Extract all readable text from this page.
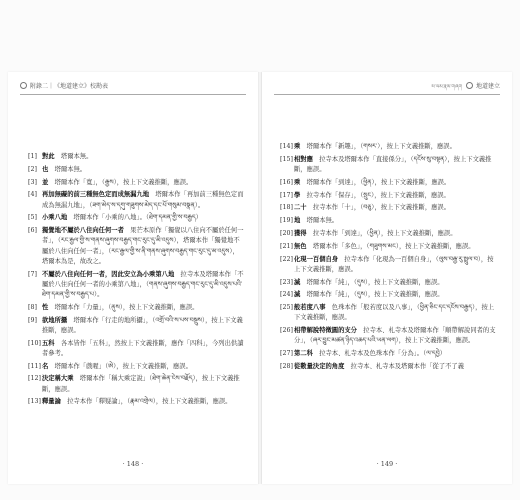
附錄二｜《地道建立》校勘表
[1] 對此　塔爾本無。
[2] 也　塔爾本無。
[3] 並　塔爾本作「寬」，（རྒྱས），按上下文義推斷，應誤。
[4] 再加無礙的前三種無色定而成無漏九地　塔爾本作「再加前三種無色定而成為無漏九地」，（ཟག་མེད་ས་དགུ་གཟུགས་མེད་དང་པོ་གསུམ་བསྣན）。
[5] 小乘八地　塔爾本作「小乘的八地」。（ཐེག་དམན་གྱི་ས་བརྒྱད）
[6] 獨覺地不屬於八住向任何一者　果芒本原作「獨覺以八住向不屬於任何一者」，（རང་རྒྱལ་གྱི་ས་གནས་ཞུགས་བརྒྱད་གང་རུང་དུ་མི་འདུས），塔爾本作「獨覺地不屬於八住向任何一者」，（རང་རྒྱལ་གྱི་ས་ནི་གནས་ཞུགས་བརྒྱད་གང་རུང་དུ་མ་འདུས），塔爾本為是，故改之。
[7] 不屬於八住向任何一者，因此安立為小乘第八地　拉寺本及塔爾本作「不屬於八住向任何一者的小乘第八地」，（གནས་ཞུགས་བརྒྱད་གང་རུང་དུ་མི་འདུས་པའི་ཐེག་དམན་གྱི་ས་བརྒྱད་པ）。
[8] 性　塔爾本作「力量」，（ནུས），按上下文義推斷，應誤。
[9] 欲地所攝　塔爾本作「行走的地所攝」，（འགྲོ་བའི་ས་པས་བསྡུས），按上下文義推斷，應誤。
[10] 五科　各本皆作「五科」，然按上下文義推斷，應作「四科」，今列出供讀者參考。
[11] 名　塔爾本作「戲喔」（ཨེ），按上下文義推斷，應誤。
[12] 決定稱大乘　塔爾本作「稱大乘定說」（ཐེག་ཆེན་ངེས་བརྗོད），按上下文義推斷，應誤。
[13] 釋量論　拉寺本作「釋疑論」，（རྣམ་འགྲེལ），按上下文義推斷，應誤。
· 148 ·
ས་ལམ་རྣམ་གཞག 地道建立
[14] 乘　塔爾本作「新趣」，（གསར་），按上下文義推斷，應誤。
[15] 相對應　拉寺本及塔爾本作「直接係分」，（དངོས་སུ་བསྟན），按上下文義推斷，應誤。
[16] 乘　塔爾本作「到達」，（ཕྱིན），按上下文義推斷，應誤。
[17] 學　拉寺本作「保存」，（སྲུང），按上下文義推斷，應誤。
[18] 二十　拉寺本作「十」，（བཅུ），按上下文義推斷，應誤。
[19] 地　塔爾本無。
[20] 獲得　拉寺本作「到達」，（ཕྱིན），按上下文義推斷，應誤。
[21] 無色　塔爾本作「多色」，（གཟུགས་མང），按上下文義推斷，應誤。
[22] 化現一百個自身　拉寺本作「化現為一百個自身」，（ལུས་བརྒྱ་རུ་སྤྲུལ་བ），按上下文義推斷，應誤。
[23] 滅　塔爾本作「純」，（དུས），按上下文義推斷，應誤。
[24] 滅　塔爾本作「純」，（དུས），按上下文義推斷，應誤。
[25] 般若度八事　色珠本作「般若度以及八事」，（ཕྱིན་ཅིང་དང་དངོས་བརྒྱད），按上下文義推斷，應誤。
[26] 相帶解說特徵圓的支分　拉寺本、札寺本及塔爾本作「順帶解說同者的支分」，（ཞར་བྱུང་མཚན་ཉིད་འཆད་པའི་ཡན་ལག），按上下文義推斷，應誤。
[27] 第二科　拉寺本、札寺本及色珠本作「分為」。（ལ་དབྱེ）
[28] 從數量決定的角度　拉寺本、札寺本及塔爾本作「從了不了義
· 149 ·
